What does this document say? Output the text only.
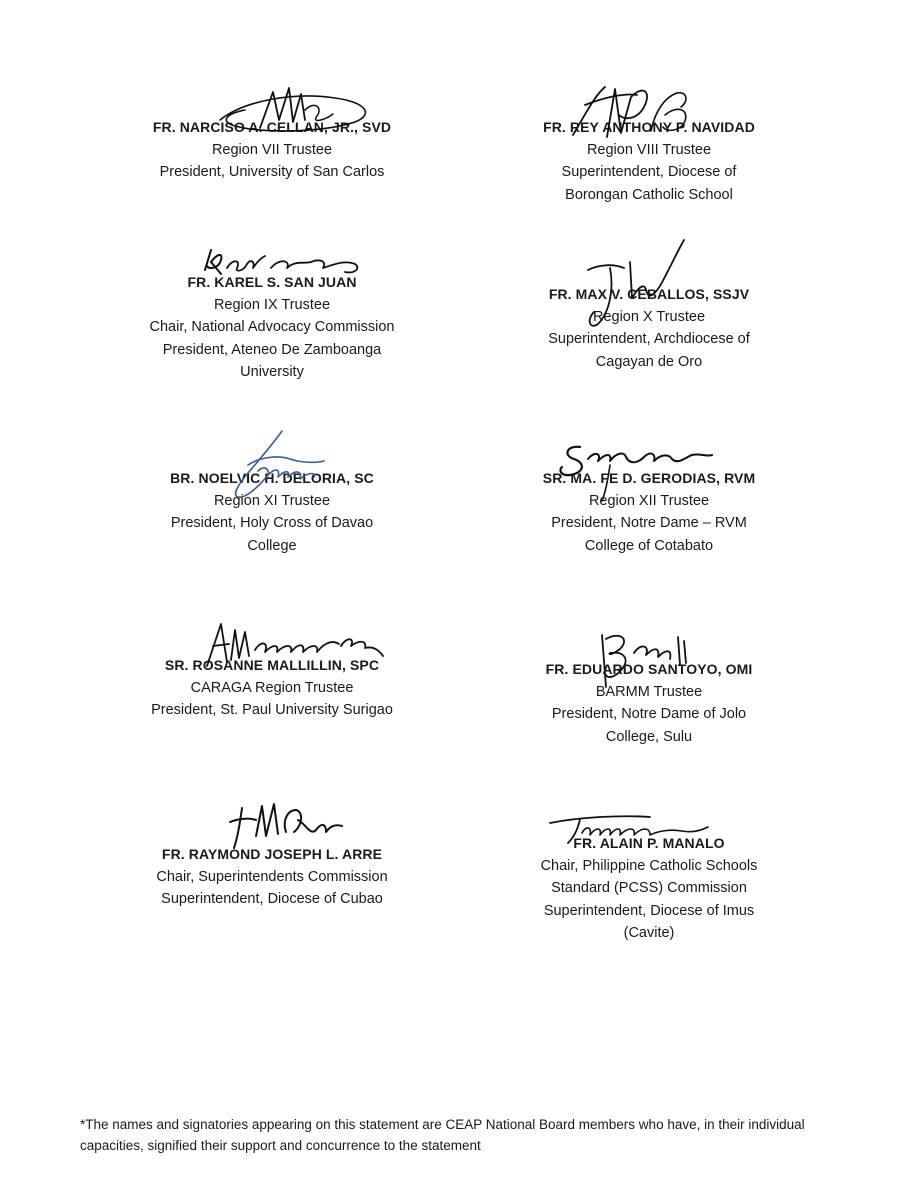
FR. NARCISO A. CELLAN, JR., SVD
Region VII Trustee
President, University of San Carlos
FR. REY ANTHONY P. NAVIDAD
Region VIII Trustee
Superintendent, Diocese of
Borongan Catholic School
FR. KAREL S. SAN JUAN
Region IX Trustee
Chair, National Advocacy Commission
President, Ateneo De Zamboanga
University
FR. MAX V. CEBALLOS, SSJV
Region X Trustee
Superintendent, Archdiocese of
Cagayan de Oro
BR. NOELVIC H. DELORIA, SC
Region XI Trustee
President, Holy Cross of Davao
College
SR. MA. FE D. GERODIAS, RVM
Region XII Trustee
President, Notre Dame – RVM
College of Cotabato
SR. ROSANNE MALLILLIN, SPC
CARAGA Region Trustee
President, St. Paul University Surigao
FR. EDUARDO SANTOYO, OMI
BARMM Trustee
President, Notre Dame of Jolo
College, Sulu
FR. RAYMOND JOSEPH L. ARRE
Chair, Superintendents Commission
Superintendent, Diocese of Cubao
FR. ALAIN P. MANALO
Chair, Philippine Catholic Schools
Standard (PCSS) Commission
Superintendent, Diocese of Imus
(Cavite)
*The names and signatories appearing on this statement are CEAP National Board members who have, in their individual capacities, signified their support and concurrence to the statement
